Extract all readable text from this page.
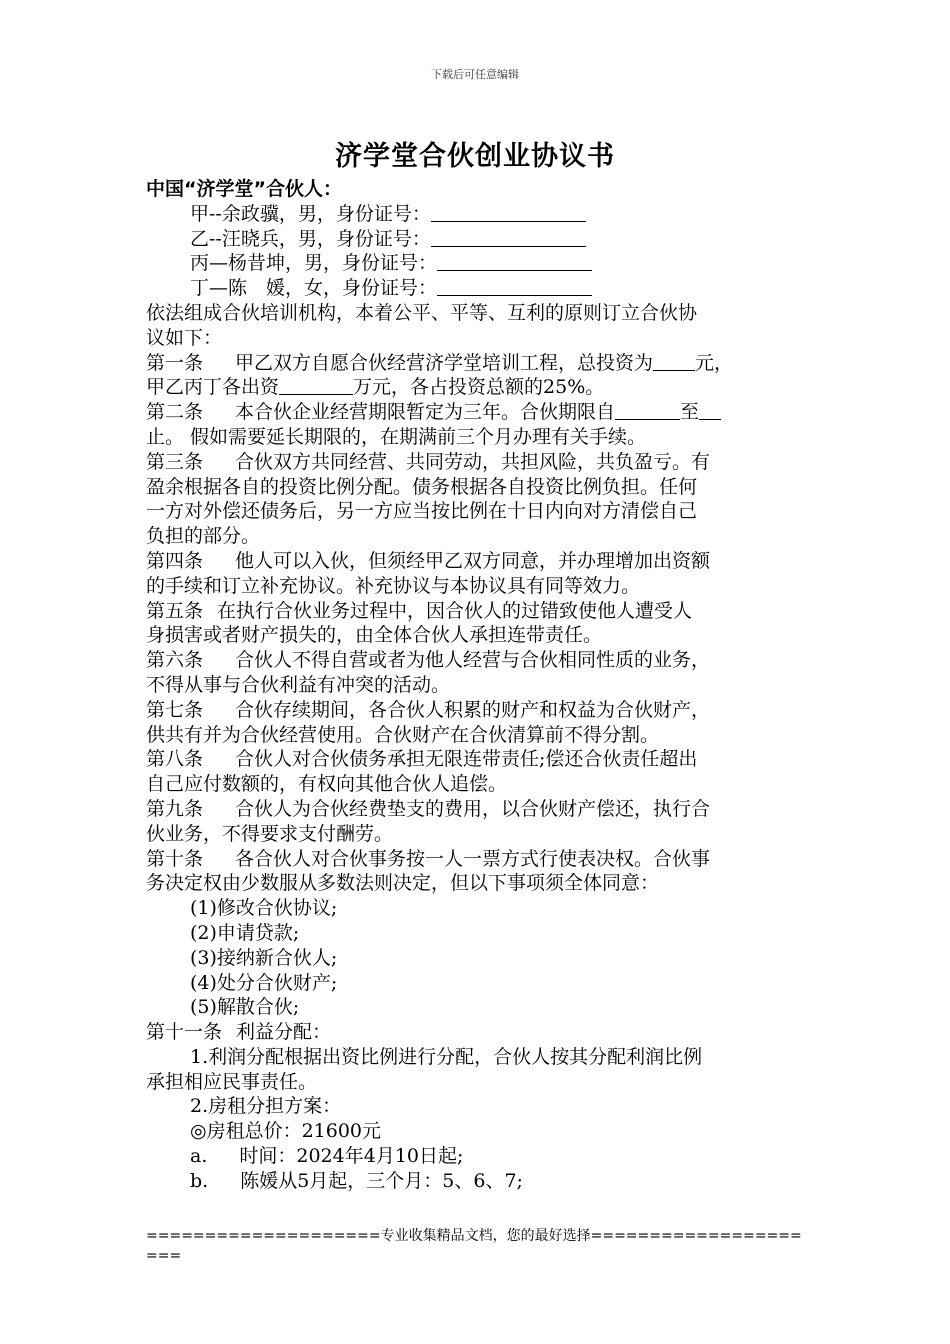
下载后可任意编辑
济学堂合伙创业协议书
中国“济学堂”合伙人：
甲--余政骥，男，身份证号：
乙--汪晓兵，男，身份证号：
丙—杨昔坤，男，身份证号：
丁—陈　媛，女，身份证号：
依法组成合伙培训机构，本着公平、平等、互利的原则订立合伙协
议如下：
第一条 甲乙双方自愿合伙经营济学堂培训工程，总投资为 元，
甲乙丙丁各出资	万元，各占投资总额的25%。
第二条 本合伙企业经营期限暂定为三年。合伙期限自	至
止。 假如需要延长期限的，在期满前三个月办理有关手续。
第三条 合伙双方共同经营、共同劳动，共担风险，共负盈亏。有
盈余根据各自的投资比例分配。债务根据各自投资比例负担。任何
一方对外偿还债务后，另一方应当按比例在十日内向对方清偿自己
负担的部分。
第四条 他人可以入伙，但须经甲乙双方同意，并办理增加出资额
的手续和订立补充协议。补充协议与本协议具有同等效力。
第五条 在执行合伙业务过程中，因合伙人的过错致使他人遭受人
身损害或者财产损失的，由全体合伙人承担连带责任。
第六条 合伙人不得自营或者为他人经营与合伙相同性质的业务，
不得从事与合伙利益有冲突的活动。
第七条 合伙存续期间，各合伙人积累的财产和权益为合伙财产，
供共有并为合伙经营使用。合伙财产在合伙清算前不得分割。
第八条 合伙人对合伙债务承担无限连带责任;偿还合伙责任超出
自己应付数额的，有权向其他合伙人追偿。
第九条 合伙人为合伙经费垫支的费用，以合伙财产偿还，执行合
伙业务，不得要求支付酬劳。
第十条 各合伙人对合伙事务按一人一票方式行使表决权。合伙事
务决定权由少数服从多数法则决定，但以下事项须全体同意：
(1)修改合伙协议;
(2)申请贷款;
(3)接纳新合伙人;
(4)处分合伙财产;
(5)解散合伙;
第十一条 利益分配：
1.利润分配根据出资比例进行分配，合伙人按其分配利润比例
承担相应民事责任。
2.房租分担方案：
◎房租总价：21600元
a. 时间：2024年4月10日起;
b. 陈媛从5月起，三个月：5、6、7;
====================专业收集精品文档，您的最好选择=====================
